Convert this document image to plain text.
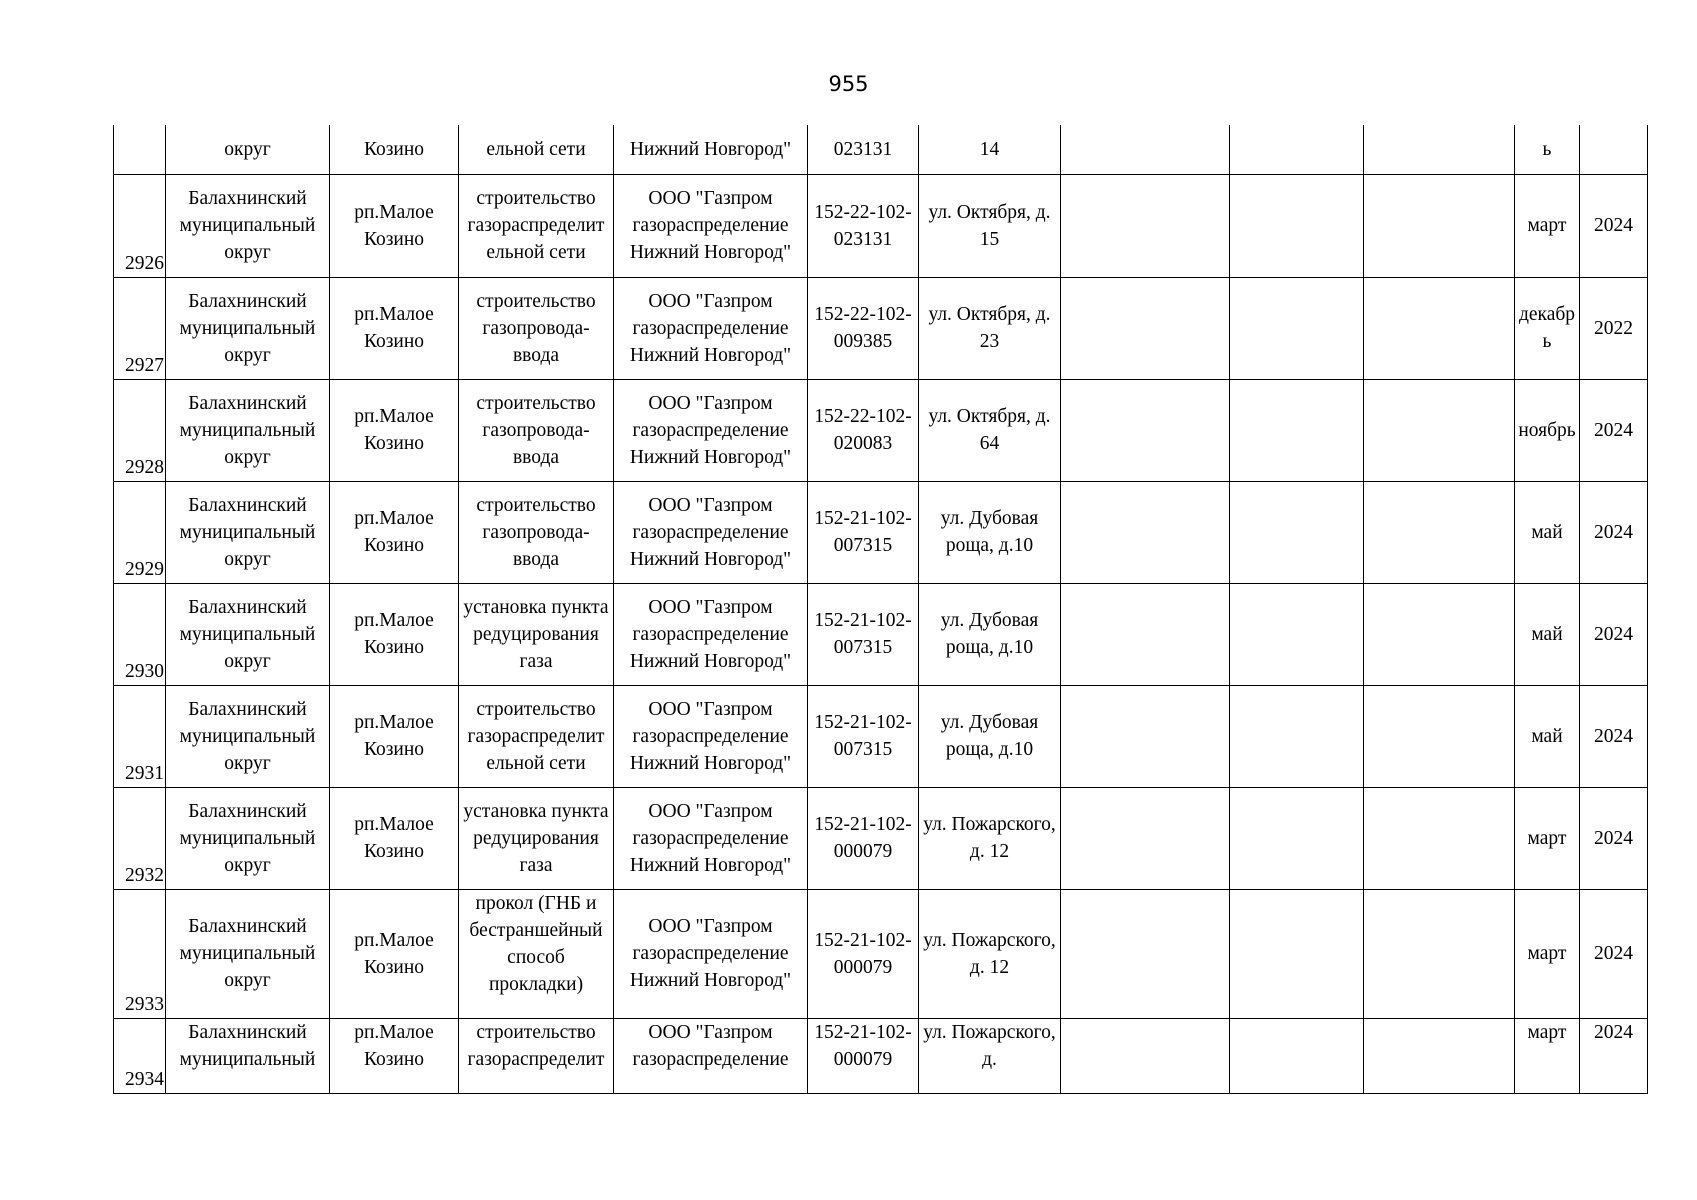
955
	округ	Козино	ельной сети	Нижний Новгород"	023131	14				ь	
2926	Балахнинский муниципальный округ	рп.Малое Козино	строительство газораспределит ельной сети	ООО "Газпром газораспределение Нижний Новгород"	152-22-102-023131	ул. Октября, д. 15				март	2024
2927	Балахнинский муниципальный округ	рп.Малое Козино	строительство газопровода-ввода	ООО "Газпром газораспределение Нижний Новгород"	152-22-102-009385	ул. Октября, д. 23				декабр ь	2022
2928	Балахнинский муниципальный округ	рп.Малое Козино	строительство газопровода-ввода	ООО "Газпром газораспределение Нижний Новгород"	152-22-102-020083	ул. Октября, д. 64				ноябрь	2024
2929	Балахнинский муниципальный округ	рп.Малое Козино	строительство газопровода-ввода	ООО "Газпром газораспределение Нижний Новгород"	152-21-102-007315	ул. Дубовая роща, д.10				май	2024
2930	Балахнинский муниципальный округ	рп.Малое Козино	установка пункта редуцирования газа	ООО "Газпром газораспределение Нижний Новгород"	152-21-102-007315	ул. Дубовая роща, д.10				май	2024
2931	Балахнинский муниципальный округ	рп.Малое Козино	строительство газораспределит ельной сети	ООО "Газпром газораспределение Нижний Новгород"	152-21-102-007315	ул. Дубовая роща, д.10				май	2024
2932	Балахнинский муниципальный округ	рп.Малое Козино	установка пункта редуцирования газа	ООО "Газпром газораспределение Нижний Новгород"	152-21-102-000079	ул. Пожарского, д. 12				март	2024
2933	Балахнинский муниципальный округ	рп.Малое Козино	прокол (ГНБ и бестраншейный способ прокладки)	ООО "Газпром газораспределение Нижний Новгород"	152-21-102-000079	ул. Пожарского, д. 12				март	2024
2934	Балахнинский муниципальный	рп.Малое Козино	строительство газораспределит	ООО "Газпром газораспределение	152-21-102-000079	ул. Пожарского, д.				март	2024
